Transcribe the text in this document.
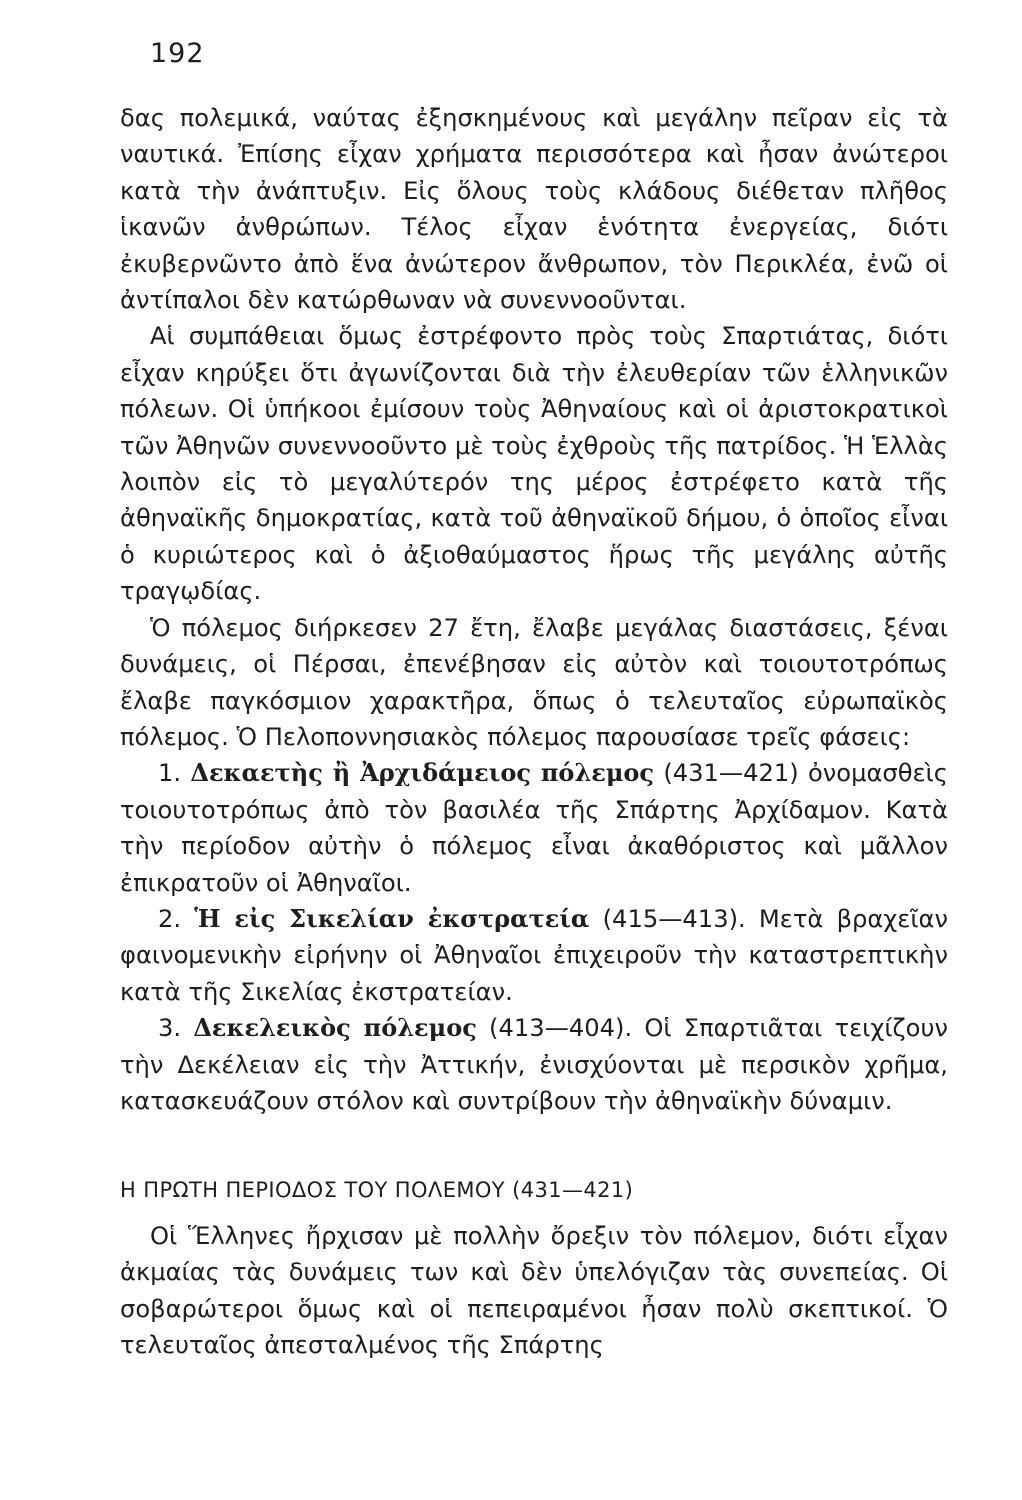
192

δας πολεμικά, ναύτας ἐξησκημένους καὶ μεγάλην πεῖραν εἰς τὰ ναυτικά. Ἐπίσης εἶχαν χρήματα περισσότερα καὶ ἦσαν ἀνώτεροι κατὰ τὴν ἀνάπτυξιν. Εἰς ὅλους τοὺς κλάδους διέθεταν πλῆθος ἱκανῶν ἀνθρώπων. Τέλος εἶχαν ἑνότητα ἐνεργείας, διότι ἐκυβερνῶντο ἀπὸ ἕνα ἀνώτερον ἄνθρωπον, τὸν Περικλέα, ἐνῶ οἱ ἀντίπαλοι δὲν κατώρθωναν νὰ συνεννοοῦνται.

Αἱ συμπάθειαι ὅμως ἐστρέφοντο πρὸς τοὺς Σπαρτιάτας, διότι εἶχαν κηρύξει ὅτι ἀγωνίζονται διὰ τὴν ἐλευθερίαν τῶν ἑλληνικῶν πόλεων. Οἱ ὑπήκοοι ἐμίσουν τοὺς Ἀθηναίους καὶ οἱ ἀριστοκρατικοὶ τῶν Ἀθηνῶν συνεννοοῦντο μὲ τοὺς ἐχθροὺς τῆς πατρίδος. Ἡ Ἑλλὰς λοιπὸν εἰς τὸ μεγαλύτερόν της μέρος ἐστρέφετο κατὰ τῆς ἀθηναϊκῆς δημοκρατίας, κατὰ τοῦ ἀθηναϊκοῦ δήμου, ὁ ὁποῖος εἶναι ὁ κυριώτερος καὶ ὁ ἀξιοθαύμαστος ἥρως τῆς μεγάλης αὐτῆς τραγῳδίας.

Ὁ πόλεμος διήρκεσεν 27 ἔτη, ἔλαβε μεγάλας διαστάσεις, ξέναι δυνάμεις, οἱ Πέρσαι, ἐπενέβησαν εἰς αὐτὸν καὶ τοιουτοτρόπως ἔλαβε παγκόσμιον χαρακτῆρα, ὅπως ὁ τελευταῖος εὐρωπαϊκὸς πόλεμος. Ὁ Πελοποννησιακὸς πόλεμος παρουσίασε τρεῖς φάσεις:

1. Δεκαετὴς ἢ Ἀρχιδάμειος πόλεμος (431—421) ὀνομασθεὶς τοιουτοτρόπως ἀπὸ τὸν βασιλέα τῆς Σπάρτης Ἀρχίδαμον. Κατὰ τὴν περίοδον αὐτὴν ὁ πόλεμος εἶναι ἀκαθόριστος καὶ μᾶλλον ἐπικρατοῦν οἱ Ἀθηναῖοι.

2. Ἡ εἰς Σικελίαν ἐκστρατεία (415—413). Μετὰ βραχεῖαν φαινομενικὴν εἰρήνην οἱ Ἀθηναῖοι ἐπιχειροῦν τὴν καταστρεπτικὴν κατὰ τῆς Σικελίας ἐκστρατείαν.

3. Δεκελεικὸς πόλεμος (413—404). Οἱ Σπαρτιᾶται τειχίζουν τὴν Δεκέλειαν εἰς τὴν Ἀττικήν, ἐνισχύονται μὲ περσικὸν χρῆμα, κατασκευάζουν στόλον καὶ συντρίβουν τὴν ἀθηναϊκὴν δύναμιν.

Η ΠΡΩΤΗ ΠΕΡΙΟΔΟΣ ΤΟΥ ΠΟΛΕΜΟΥ (431—421)

Οἱ Ἕλληνες ἤρχισαν μὲ πολλὴν ὄρεξιν τὸν πόλεμον, διότι εἶχαν ἀκμαίας τὰς δυνάμεις των καὶ δὲν ὑπελόγιζαν τὰς συνεπείας. Οἱ σοβαρώτεροι ὅμως καὶ οἱ πεπειραμένοι ἦσαν πολὺ σκεπτικοί. Ὁ τελευταῖος ἀπεσταλμένος τῆς Σπάρτης
